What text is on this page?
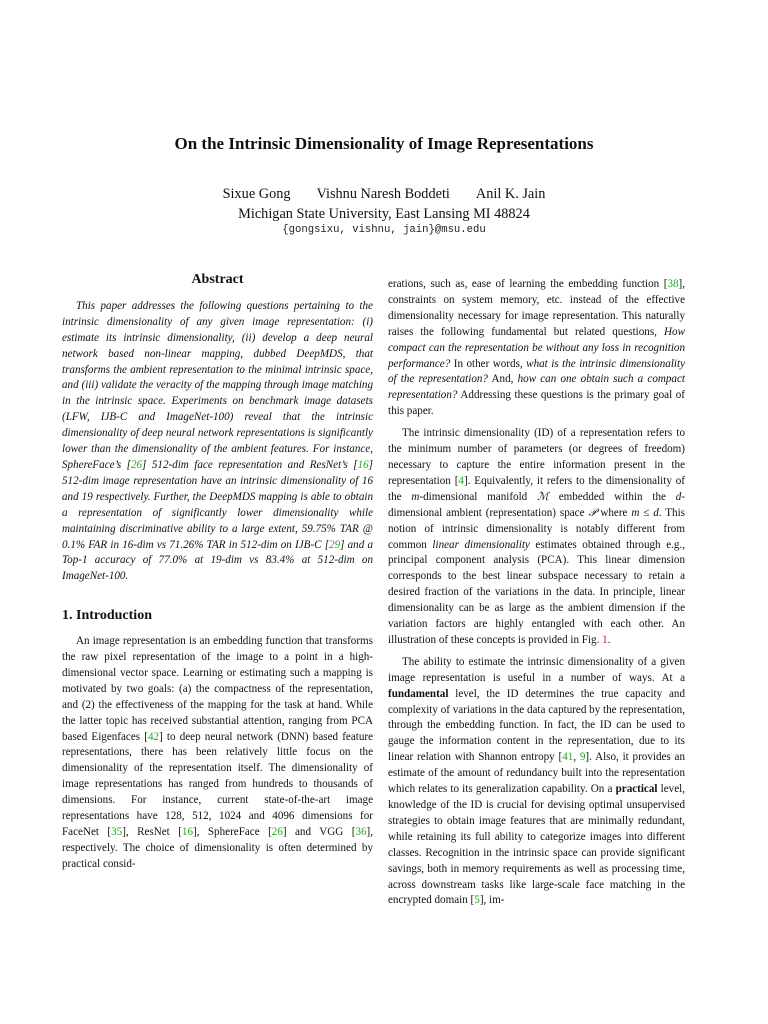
On the Intrinsic Dimensionality of Image Representations
Sixue Gong Vishnu Naresh Boddeti Anil K. Jain
Michigan State University, East Lansing MI 48824
{gongsixu, vishnu, jain}@msu.edu
Abstract

This paper addresses the following questions pertaining to the intrinsic dimensionality of any given image representation: (i) estimate its intrinsic dimensionality, (ii) develop a deep neural network based non-linear mapping, dubbed DeepMDS, that transforms the ambient representation to the minimal intrinsic space, and (iii) validate the veracity of the mapping through image matching in the intrinsic space. Experiments on benchmark image datasets (LFW, IJB-C and ImageNet-100) reveal that the intrinsic dimensionality of deep neural network representations is significantly lower than the dimensionality of the ambient features. For instance, SphereFace’s [26] 512-dim face representation and ResNet’s [16] 512-dim image representation have an intrinsic dimensionality of 16 and 19 respectively. Further, the DeepMDS mapping is able to obtain a representation of significantly lower dimensionality while maintaining discriminative ability to a large extent, 59.75% TAR @ 0.1% FAR in 16-dim vs 71.26% TAR in 512-dim on IJB-C [29] and a Top-1 accuracy of 77.0% at 19-dim vs 83.4% at 512-dim on ImageNet-100.

1. Introduction

An image representation is an embedding function that transforms the raw pixel representation of the image to a point in a high-dimensional vector space. Learning or estimating such a mapping is motivated by two goals: (a) the compactness of the representation, and (2) the effectiveness of the mapping for the task at hand. While the latter topic has received substantial attention, ranging from PCA based Eigenfaces [42] to deep neural network (DNN) based feature representations, there has been relatively little focus on the dimensionality of the representation itself. The dimensionality of image representations has ranged from hundreds to thousands of dimensions. For instance, current state-of-the-art image representations have 128, 512, 1024 and 4096 dimensions for FaceNet [35], ResNet [16], SphereFace [26] and VGG [36], respectively. The choice of dimensionality is often determined by practical consid-

erations, such as, ease of learning the embedding function [38], constraints on system memory, etc. instead of the effective dimensionality necessary for image representation. This naturally raises the following fundamental but related questions, How compact can the representation be without any loss in recognition performance? In other words, what is the intrinsic dimensionality of the representation? And, how can one obtain such a compact representation? Addressing these questions is the primary goal of this paper.

The intrinsic dimensionality (ID) of a representation refers to the minimum number of parameters (or degrees of freedom) necessary to capture the entire information present in the representation [4]. Equivalently, it refers to the dimensionality of the m-dimensional manifold ℳ embedded within the d-dimensional ambient (representation) space 𝒫 where m ≤ d. This notion of intrinsic dimensionality is notably different from common linear dimensionality estimates obtained through e.g., principal component analysis (PCA). This linear dimension corresponds to the best linear subspace necessary to retain a desired fraction of the variations in the data. In principle, linear dimensionality can be as large as the ambient dimension if the variation factors are highly entangled with each other. An illustration of these concepts is provided in Fig. 1.

The ability to estimate the intrinsic dimensionality of a given image representation is useful in a number of ways. At a fundamental level, the ID determines the true capacity and complexity of variations in the data captured by the representation, through the embedding function. In fact, the ID can be used to gauge the information content in the representation, due to its linear relation with Shannon entropy [41, 9]. Also, it provides an estimate of the amount of redundancy built into the representation which relates to its generalization capability. On a practical level, knowledge of the ID is crucial for devising optimal unsupervised strategies to obtain image features that are minimally redundant, while retaining its full ability to categorize images into different classes. Recognition in the intrinsic space can provide significant savings, both in memory requirements as well as processing time, across downstream tasks like large-scale face matching in the encrypted domain [5], im-
